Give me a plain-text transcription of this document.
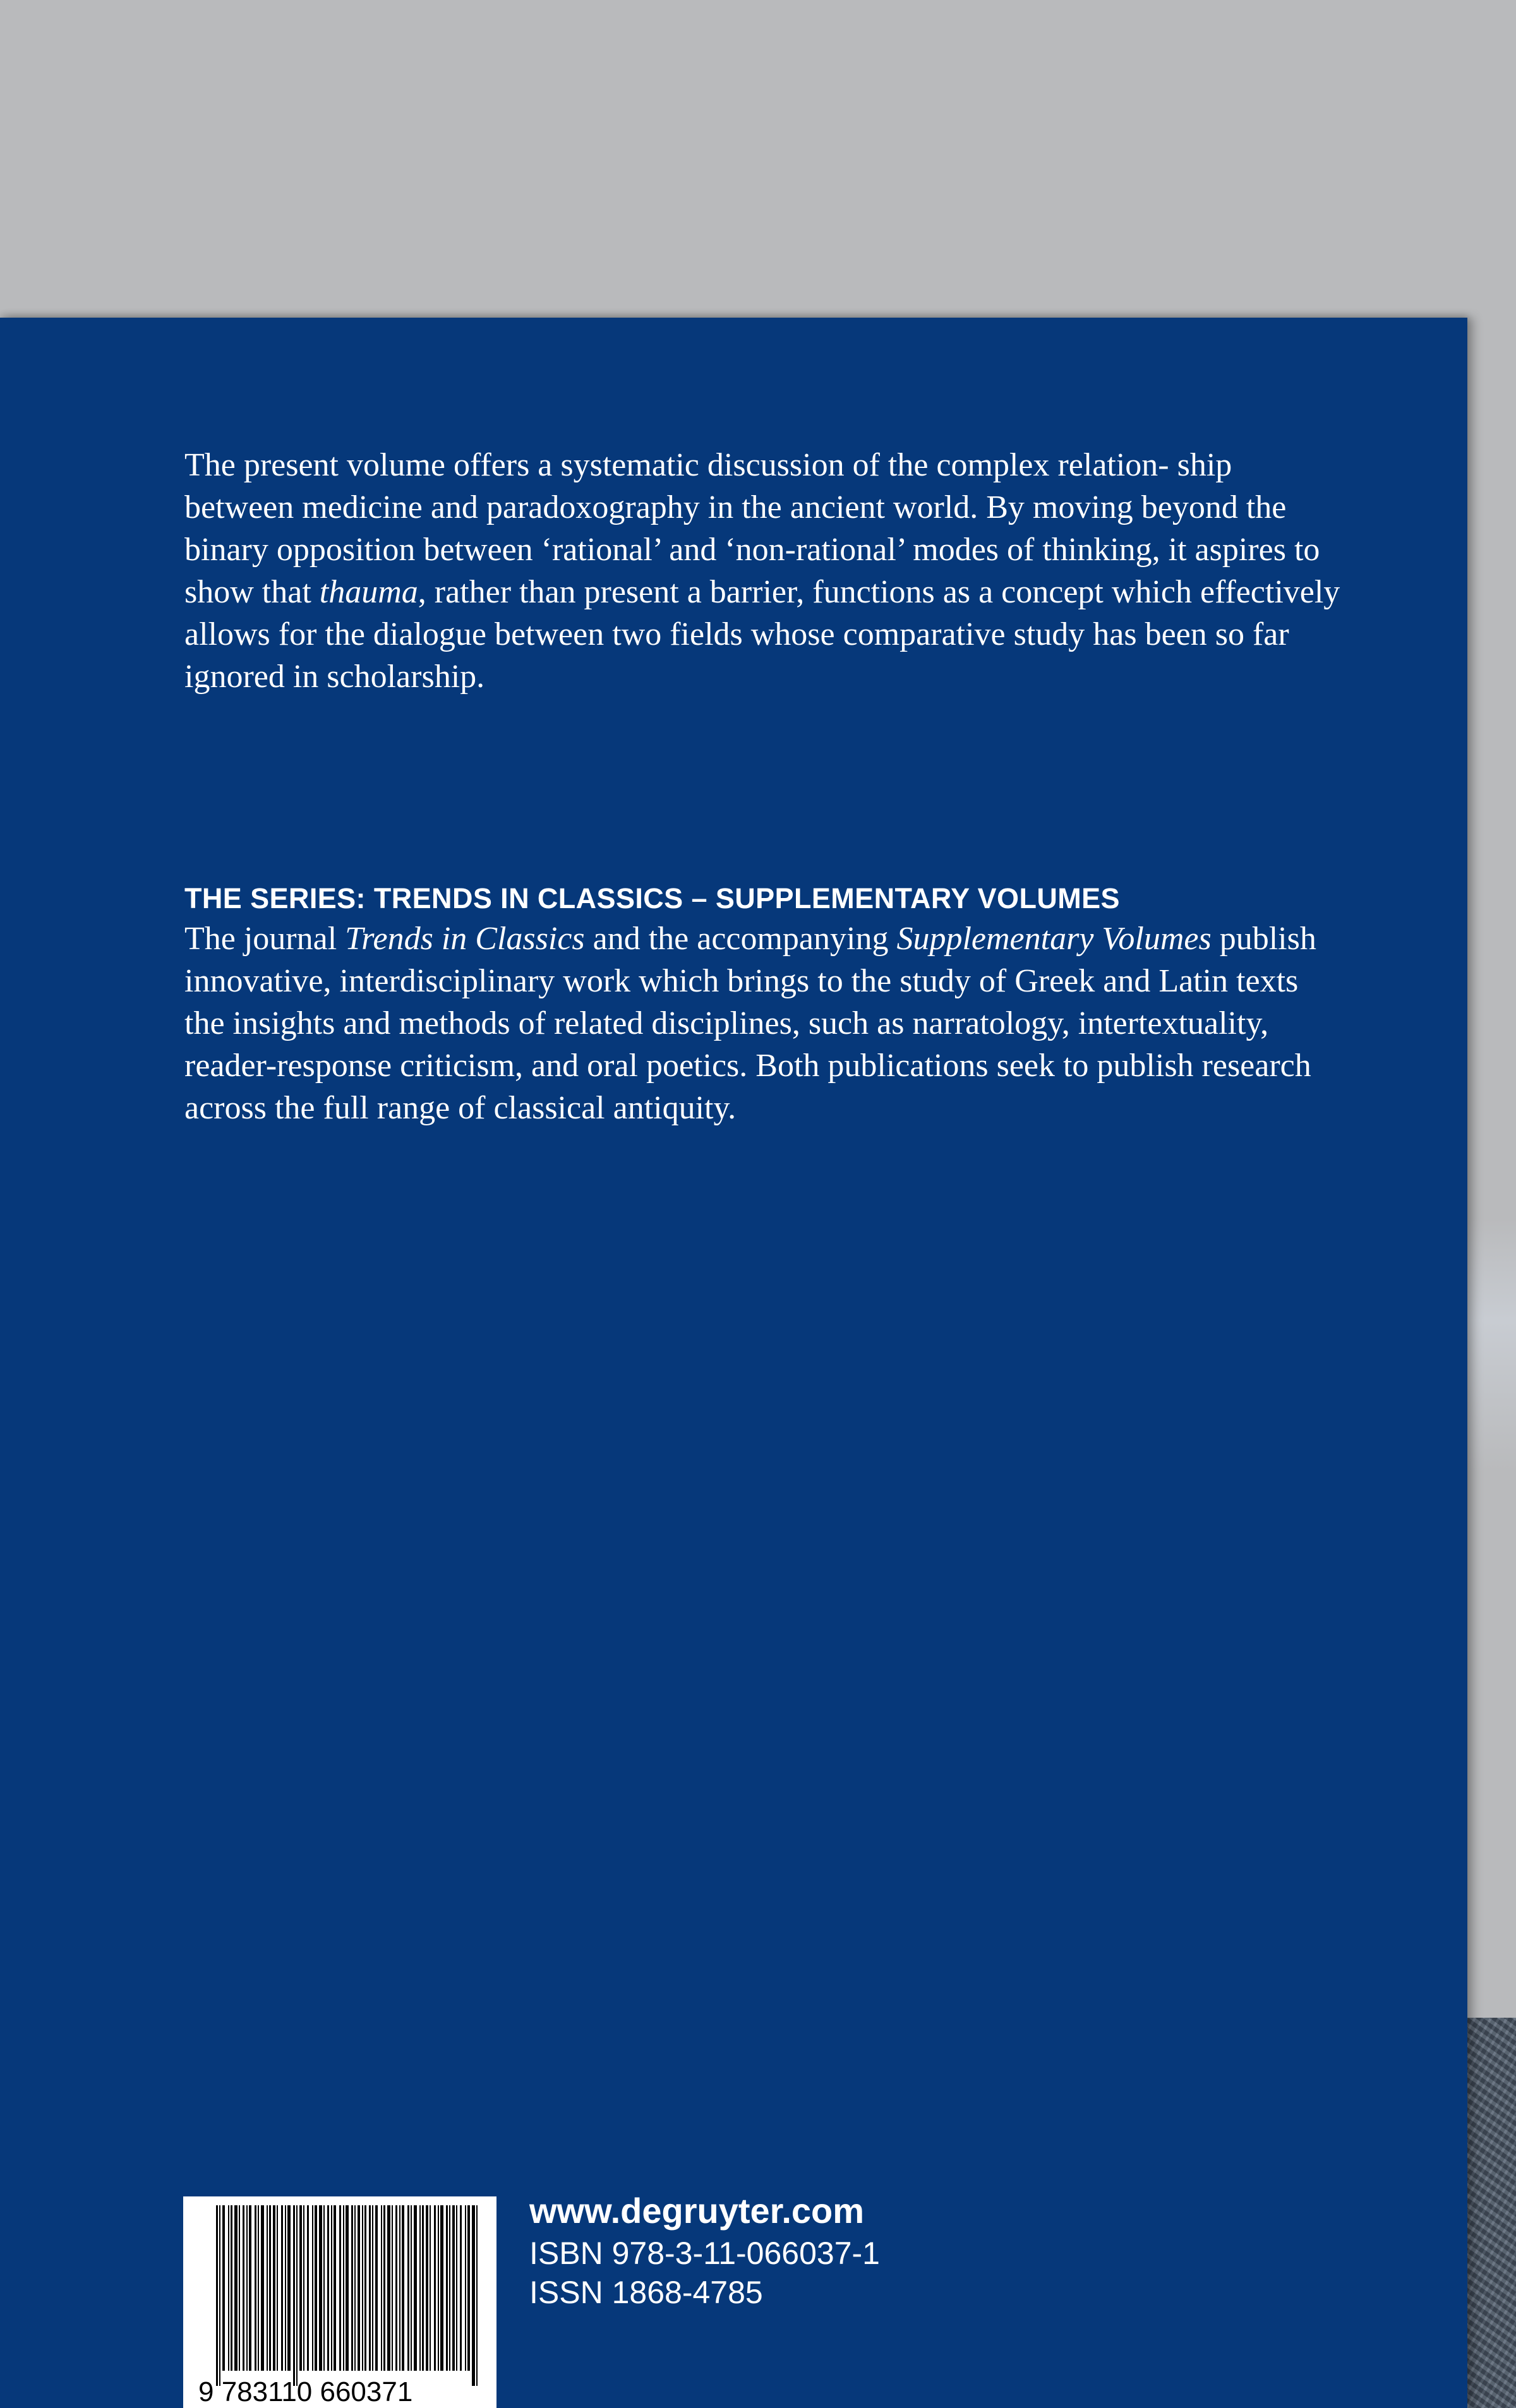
The present volume offers a systematic discussion of the complex relation- ship between medicine and paradoxography in the ancient world. By moving beyond the binary opposition between ‘rational’ and ‘non-rational’ modes of thinking, it aspires to show that thauma, rather than present a barrier, functions as a concept which effectively allows for the dialogue between two fields whose comparative study has been so far ignored in scholarship.

THE SERIES: TRENDS IN CLASSICS – SUPPLEMENTARY VOLUMES

The journal Trends in Classics and the accompanying Supplementary Volumes publish innovative, interdisciplinary work which brings to the study of Greek and Latin texts the insights and methods of related disciplines, such as narratology, intertextuality, reader-response criticism, and oral poetics. Both publications seek to publish research across the full range of classical antiquity.

9 783110 660371
www.degruyter.com
ISBN 978-3-11-066037-1
ISSN 1868-4785
